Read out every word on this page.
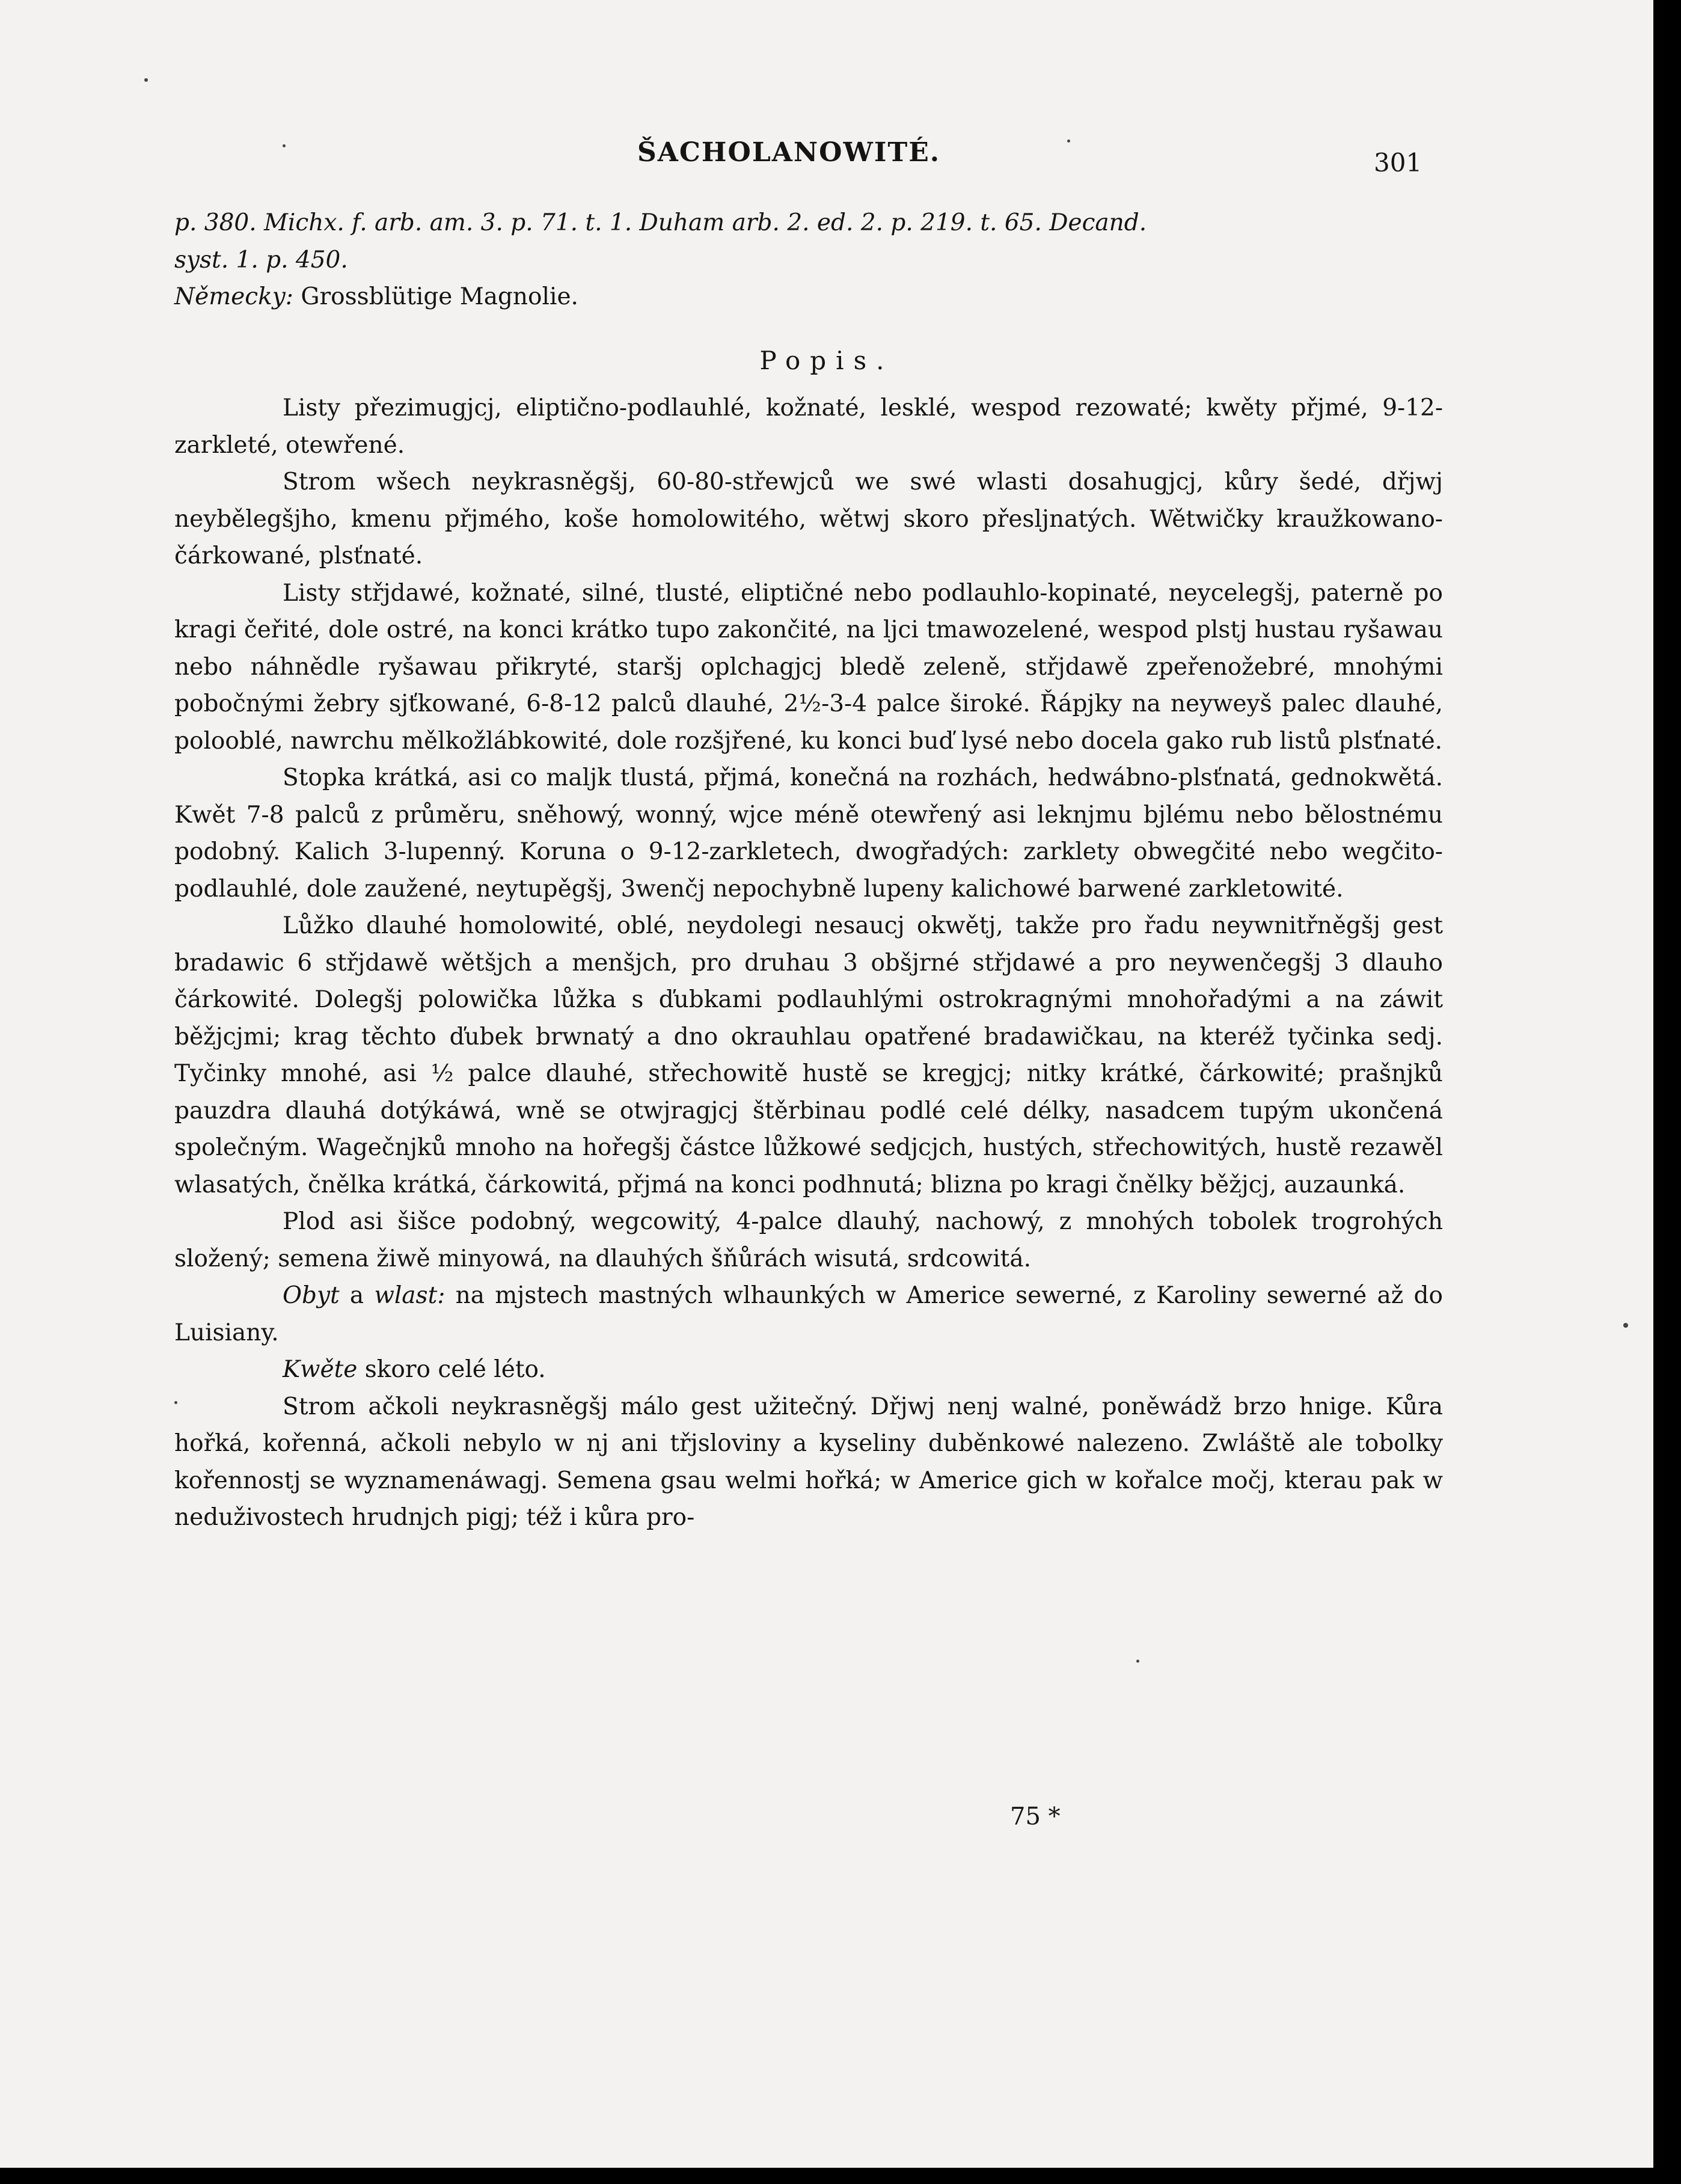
ŠACHOLANOWITÉ.	301

p. 380. Michx. f. arb. am. 3. p. 71. t. 1. Duham arb. 2. ed. 2. p. 219. t. 65. Decand.
syst. 1. p. 450.

Německy: Grossblütige Magnolie.

Popis.

Listy přezimugjcj, eliptično-podlauhlé, kožnaté, lesklé, wespod rezowaté; kwěty přjmé, 9-12-zarkleté, otewřené.

Strom wšech neykrasněgšj, 60-80-střewjců we swé wlasti dosahugjcj, kůry šedé, dřjwj neybělegšjho, kmenu přjmého, koše homolowitého, wětwj skoro přesljnatých. Wětwičky kraužkowano-čárkowané, plsťnaté.

Listy střjdawé, kožnaté, silné, tlusté, eliptičné nebo podlauhlo-kopinaté, neycelegšj, paterně po kragi čeřité, dole ostré, na konci krátko tupo zakončité, na ljci tmawozelené, wespod plstj hustau ryšawau nebo náhnědle ryšawau přikryté, staršj oplchagjcj bledě zeleně, střjdawě zpeřenožebré, mnohými pobočnými žebry sjťkowané, 6-8-12 palců dlauhé, 2½-3-4 palce široké. Řápjky na neyweyš palec dlauhé, polooblé, nawrchu mělkožlábkowité, dole rozšjřené, ku konci buď lysé nebo docela gako rub listů plsťnaté.

Stopka krátká, asi co maljk tlustá, přjmá, konečná na rozhách, hedwábno-plsťnatá, gednokwětá. Kwět 7-8 palců z průměru, sněhowý, wonný, wjce méně otewřený asi leknjmu bjlému nebo bělostnému podobný. Kalich 3-lupenný. Koruna o 9-12-zarkletech, dwogřadých: zarklety obwegčité nebo wegčito-podlauhlé, dole zaužené, neytupěgšj, 3wenčj nepochybně lupeny kalichowé barwené zarkletowité.

Lůžko dlauhé homolowité, oblé, neydolegi nesaucj okwětj, takže pro řadu neywnitřněgšj gest bradawic 6 střjdawě wětšjch a menšjch, pro druhau 3 obšjrné střjdawé a pro neywenčegšj 3 dlauho čárkowité. Dolegšj polowička lůžka s ďubkami podlauhlými ostrokragnými mnohořadými a na záwit běžjcjmi; krag těchto ďubek brwnatý a dno okrauhlau opatřené bradawičkau, na kteréž tyčinka sedj. Tyčinky mnohé, asi ½ palce dlauhé, střechowitě hustě se kregjcj; nitky krátké, čárkowité; prašnjků pauzdra dlauhá dotýkáwá, wně se otwjragjcj štěrbinau podlé celé délky, nasadcem tupým ukončená společným. Wagečnjků mnoho na hořegšj částce lůžkowé sedjcjch, hustých, střechowitých, hustě rezawěl wlasatých, čnělka krátká, čárkowitá, přjmá na konci podhnutá; blizna po kragi čnělky běžjcj, auzaunká.

Plod asi šišce podobný, wegcowitý, 4-palce dlauhý, nachowý, z mnohých tobolek trogrohých složený; semena žiwě minyowá, na dlauhých šňůrách wisutá, srdcowitá.

Obyt a wlast: na mjstech mastných wlhaunkých w Americe sewerné, z Karoliny sewerné až do Luisiany.

Kwěte skoro celé léto.

Strom ačkoli neykrasněgšj málo gest užitečný. Dřjwj nenj walné, poněwádž brzo hnige. Kůra hořká, kořenná, ačkoli nebylo w nj ani třjsloviny a kyseliny duběnkowé nalezeno. Zwláště ale tobolky kořennostj se wyznamenáwagj. Semena gsau welmi hořká; w Americe gich w kořalce močj, kterau pak w neduživostech hrudnjch pigj; též i kůra pro-

75 *
